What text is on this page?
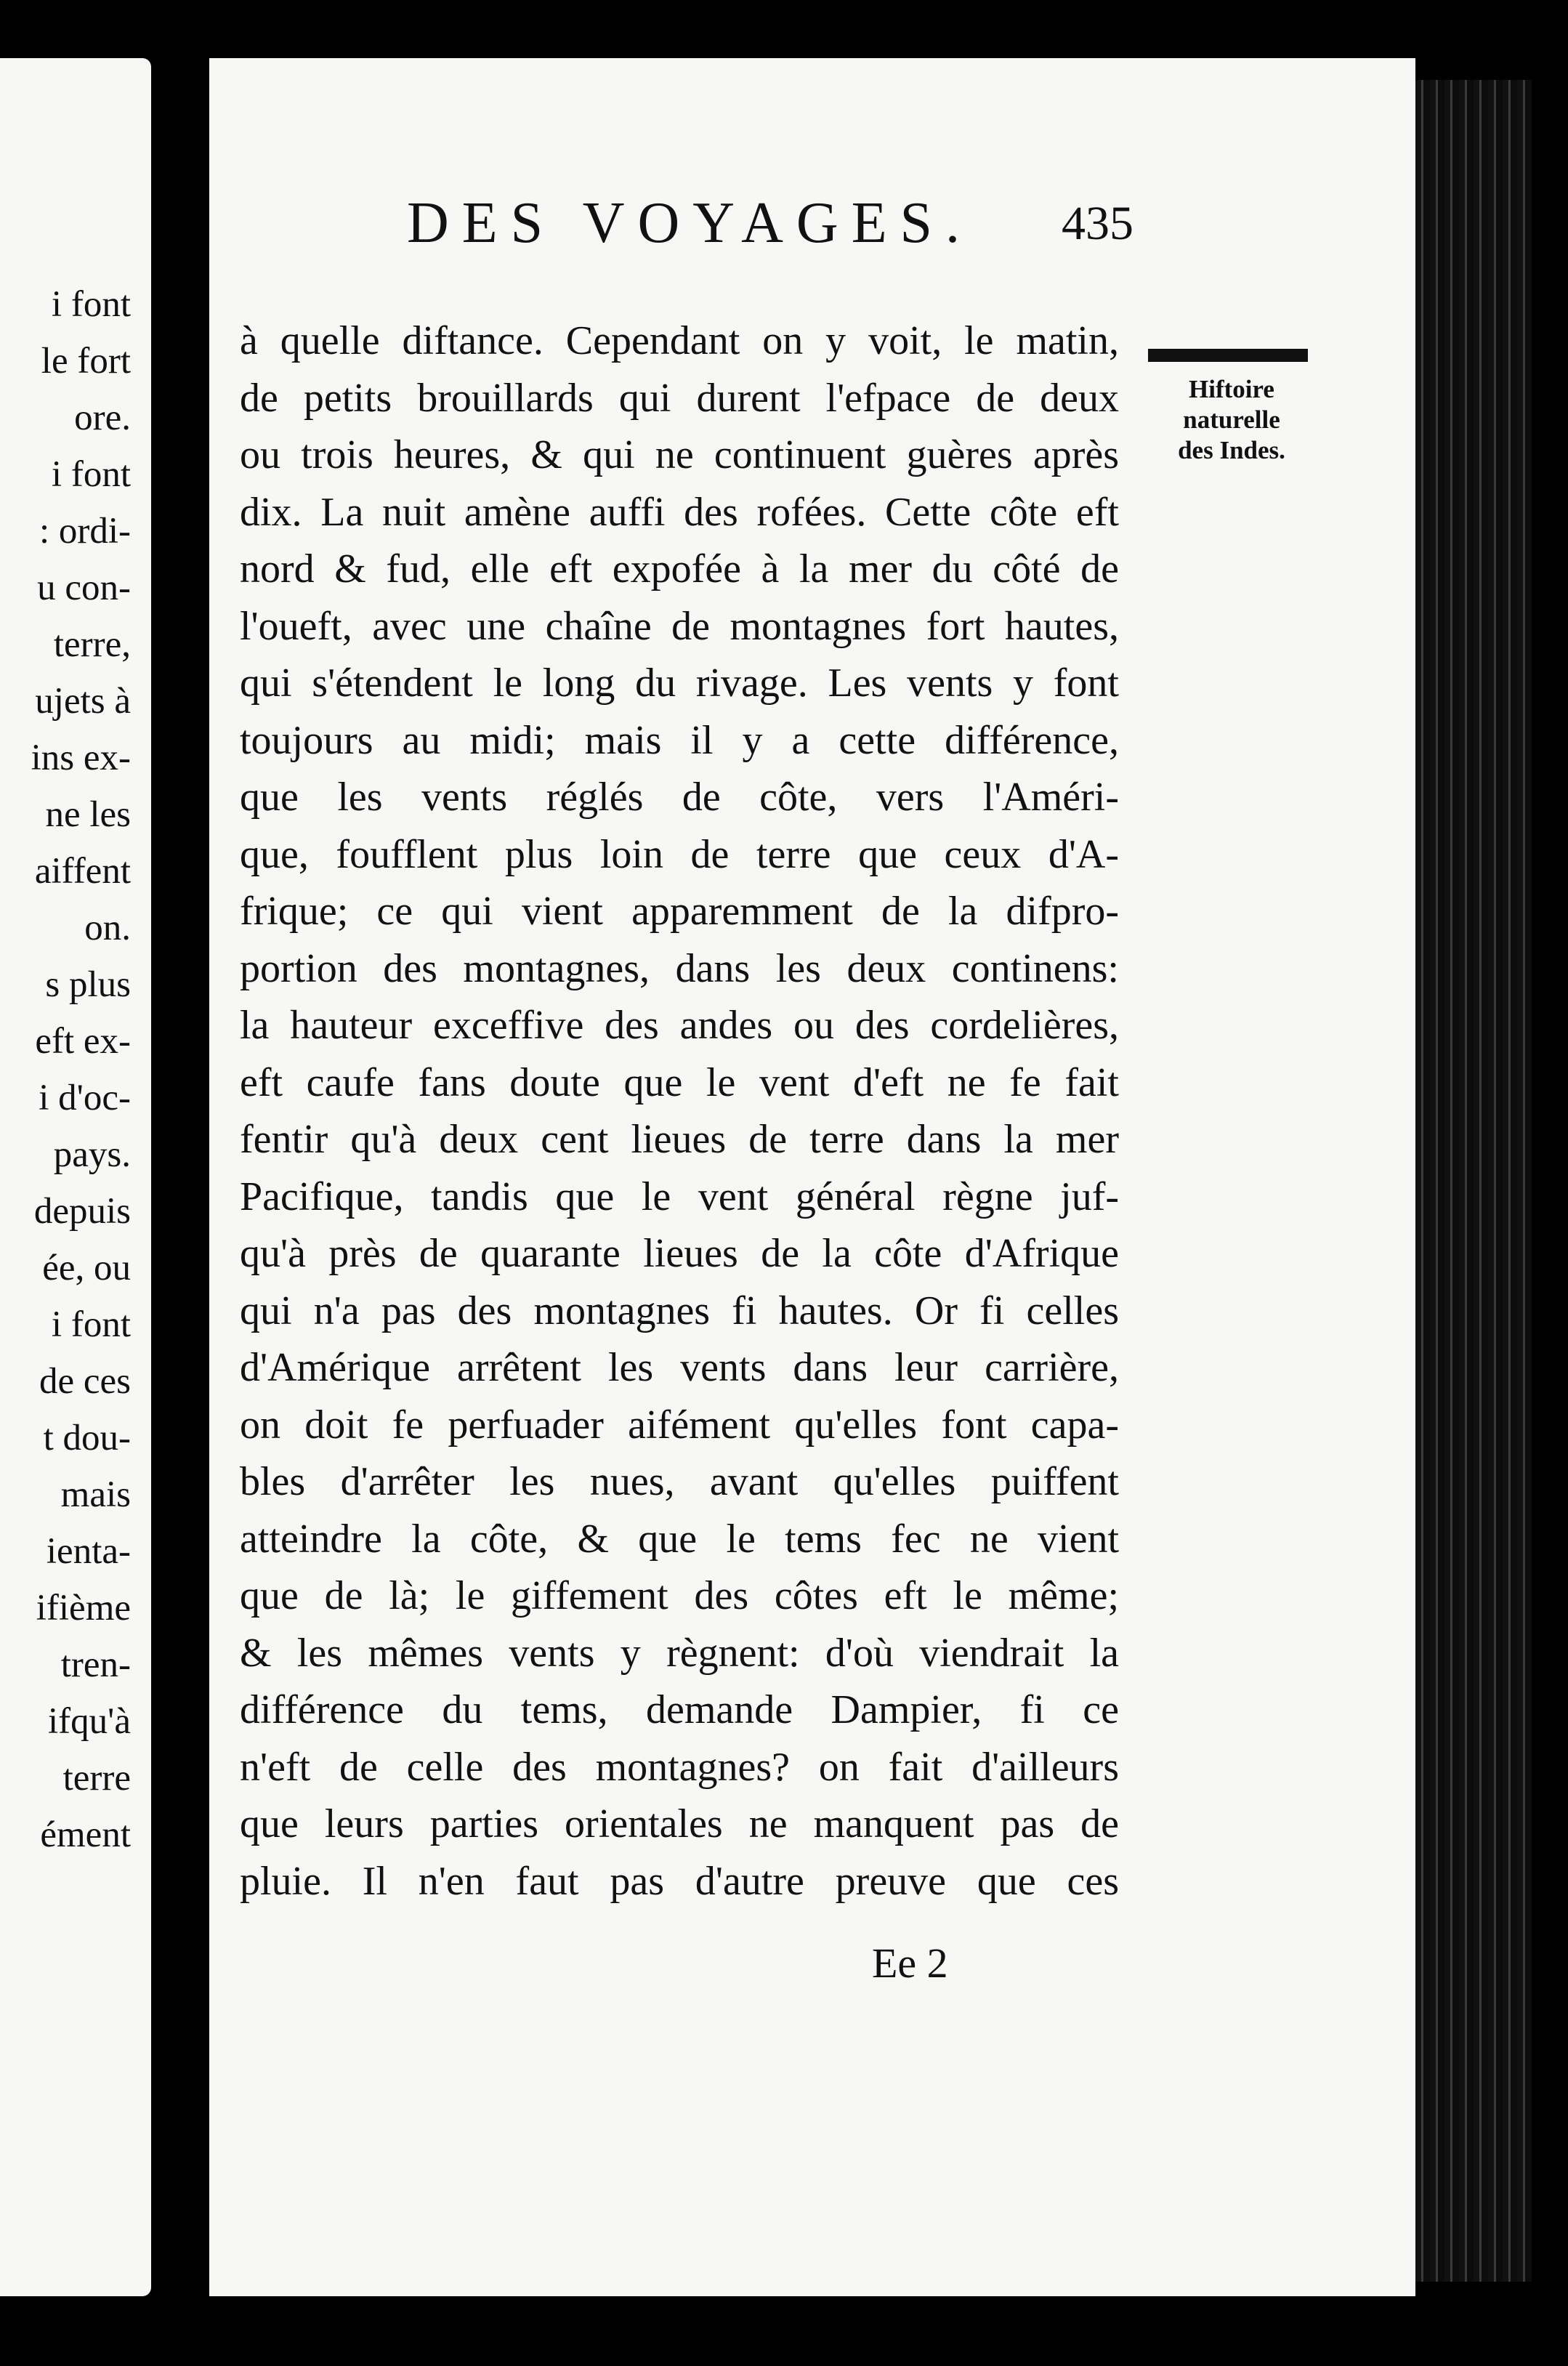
i font
le fort
ore.
i font
: ordi-
u con-
terre,
ujets à
ins ex-
ne les
aiffent
on.
s plus
eft ex-
i d'oc-
pays.
depuis
ée, ou
i font
de ces
t dou-
mais
ienta-
ifième
tren-
ifqu'à
terre
ément
DES VOYAGES. 435
Hiftoire
naturelle
des Indes.
à quelle diftance. Cependant on y voit, le matin,
de petits brouillards qui durent l'efpace de deux
ou trois heures, & qui ne continuent guères après
dix. La nuit amène auffi des rofées. Cette côte eft
nord & fud, elle eft expofée à la mer du côté de
l'oueft, avec une chaîne de montagnes fort hautes,
qui s'étendent le long du rivage. Les vents y font
toujours au midi; mais il y a cette différence,
que les vents réglés de côte, vers l'Améri-
que, foufflent plus loin de terre que ceux d'A-
frique; ce qui vient apparemment de la difpro-
portion des montagnes, dans les deux continens:
la hauteur exceffive des andes ou des cordelières,
eft caufe fans doute que le vent d'eft ne fe fait
fentir qu'à deux cent lieues de terre dans la mer
Pacifique, tandis que le vent général règne juf-
qu'à près de quarante lieues de la côte d'Afrique
qui n'a pas des montagnes fi hautes. Or fi celles
d'Amérique arrêtent les vents dans leur carrière,
on doit fe perfuader aifément qu'elles font capa-
bles d'arrêter les nues, avant qu'elles puiffent
atteindre la côte, & que le tems fec ne vient
que de là; le giffement des côtes eft le même;
& les mêmes vents y règnent: d'où viendrait la
différence du tems, demande Dampier, fi ce
n'eft de celle des montagnes? on fait d'ailleurs
que leurs parties orientales ne manquent pas de
pluie. Il n'en faut pas d'autre preuve que ces
Ee 2
